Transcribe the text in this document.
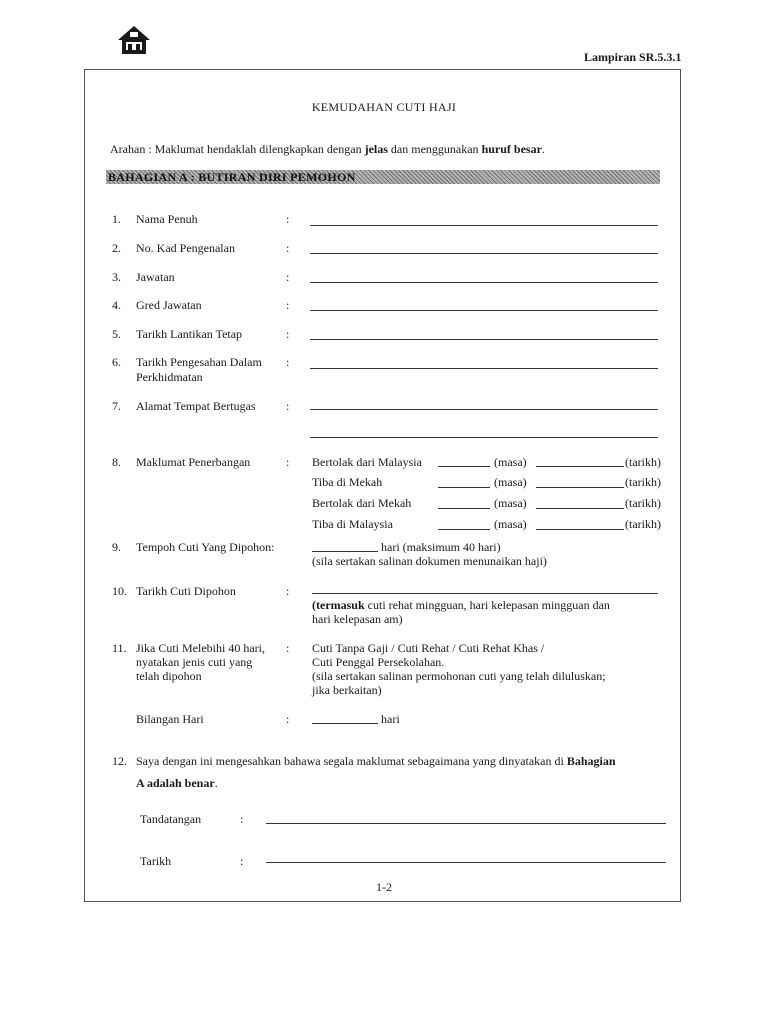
Lampiran SR.5.3.1
KEMUDAHAN CUTI HAJI
Arahan : Maklumat hendaklah dilengkapkan dengan jelas dan menggunakan huruf besar.
BAHAGIAN A : BUTIRAN DIRI PEMOHON
1. Nama Penuh	:
2. No. Kad Pengenalan	:
3. Jawatan	:
4. Gred Jawatan	:
5. Tarikh Lantikan Tetap	:
6. Tarikh Pengesahan Dalam
Perkhidmatan
:
7. Alamat Tempat Bertugas	:
8. Maklumat Penerbangan	: Bertolak dari Malaysia	(masa)	(tarikh)
Tiba di Mekah	(masa)	(tarikh)
Bertolak dari Mekah	(masa)	(tarikh)
Tiba di Malaysia	(masa)	(tarikh)
9. Tempoh Cuti Yang Dipohon:	hari (maksimum 40 hari)
(sila sertakan salinan dokumen menunaikan haji)
10. Tarikh Cuti Dipohon	:
(termasuk cuti rehat mingguan, hari kelepasan mingguan dan
hari kelepasan am)
11. Jika Cuti Melebihi 40 hari,
nyatakan jenis cuti yang
telah dipohon
: Cuti Tanpa Gaji / Cuti Rehat / Cuti Rehat Khas /
Cuti Penggal Persekolahan.
(sila sertakan salinan permohonan cuti yang telah diluluskan;
jika berkaitan)
Bilangan Hari	:	hari
12. Saya dengan ini mengesahkan bahawa segala maklumat sebagaimana yang dinyatakan di Bahagian
A adalah benar.
Tandatangan	:
Tarikh	:
1-2
